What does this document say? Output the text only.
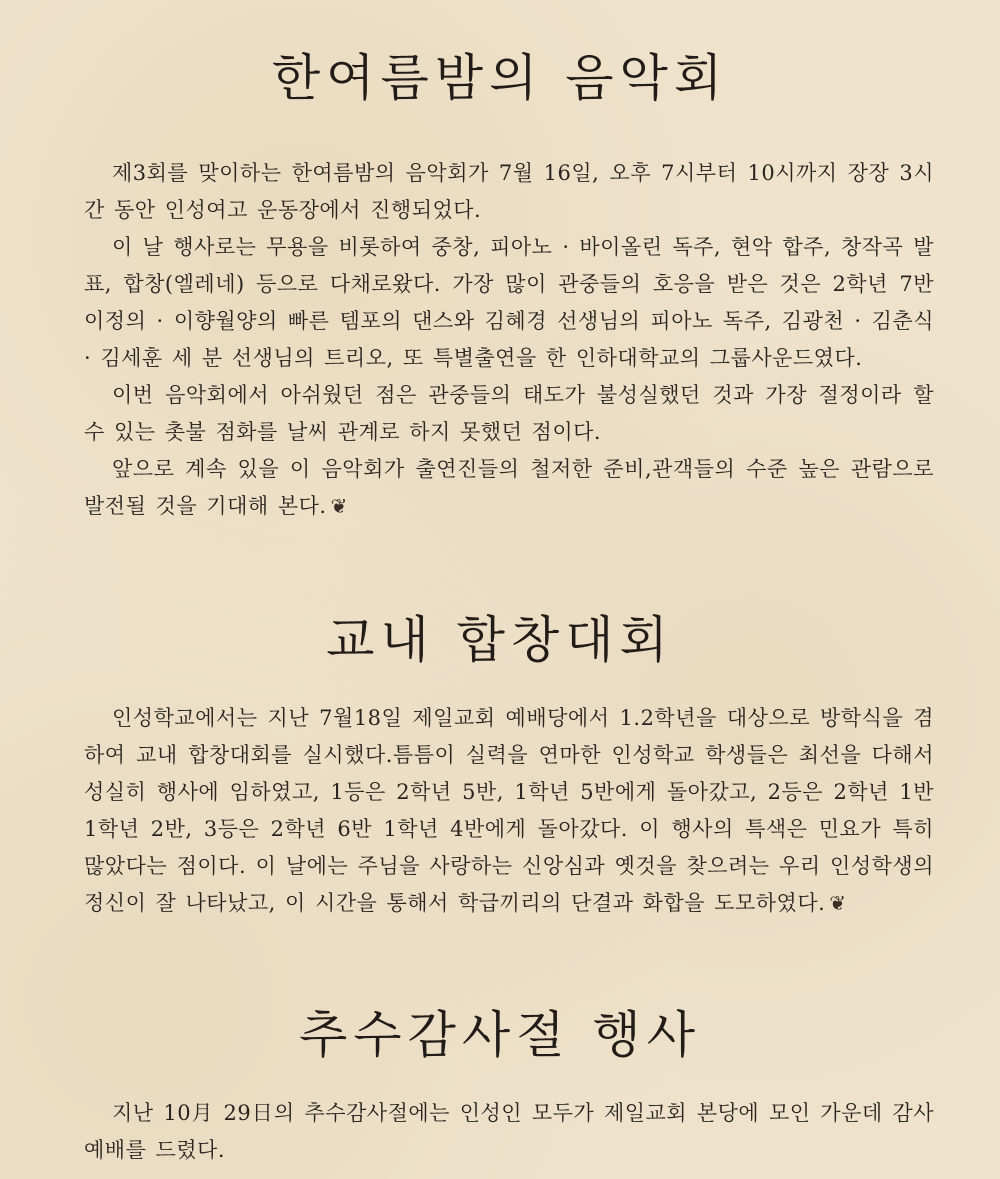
한여름밤의 음악회

제3회를 맞이하는 한여름밤의 음악회가 7월 16일, 오후 7시부터 10시까지 장장 3시간 동안 인성여고 운동장에서 진행되었다.

이 날 행사로는 무용을 비롯하여 중창, 피아노 · 바이올린 독주, 현악 합주, 창작곡 발표, 합창(엘레네) 등으로 다채로왔다. 가장 많이 관중들의 호응을 받은 것은 2학년 7반 이정의 · 이향월양의 빠른 템포의 댄스와 김혜경 선생님의 피아노 독주, 김광천 · 김춘식 · 김세훈 세 분 선생님의 트리오, 또 특별출연을 한 인하대학교의 그룹사운드였다.

이번 음악회에서 아쉬웠던 점은 관중들의 태도가 불성실했던 것과 가장 절정이라 할 수 있는 촛불 점화를 날씨 관계로 하지 못했던 점이다.

앞으로 계속 있을 이 음악회가 출연진들의 철저한 준비,관객들의 수준 높은 관람으로 발전될 것을 기대해 본다. ❦

교내 합창대회

인성학교에서는 지난 7월18일 제일교회 예배당에서 1.2학년을 대상으로 방학식을 겸하여 교내 합창대회를 실시했다.틈틈이 실력을 연마한 인성학교 학생들은 최선을 다해서 성실히 행사에 임하였고, 1등은 2학년 5반, 1학년 5반에게 돌아갔고, 2등은 2학년 1반 1학년 2반, 3등은 2학년 6반 1학년 4반에게 돌아갔다. 이 행사의 특색은 민요가 특히 많았다는 점이다. 이 날에는 주님을 사랑하는 신앙심과 옛것을 찾으려는 우리 인성학생의 정신이 잘 나타났고, 이 시간을 통해서 학급끼리의 단결과 화합을 도모하였다. ❦

추수감사절 행사

지난 10月 29日의 추수감사절에는 인성인 모두가 제일교회 본당에 모인 가운데 감사예배를 드렸다.
